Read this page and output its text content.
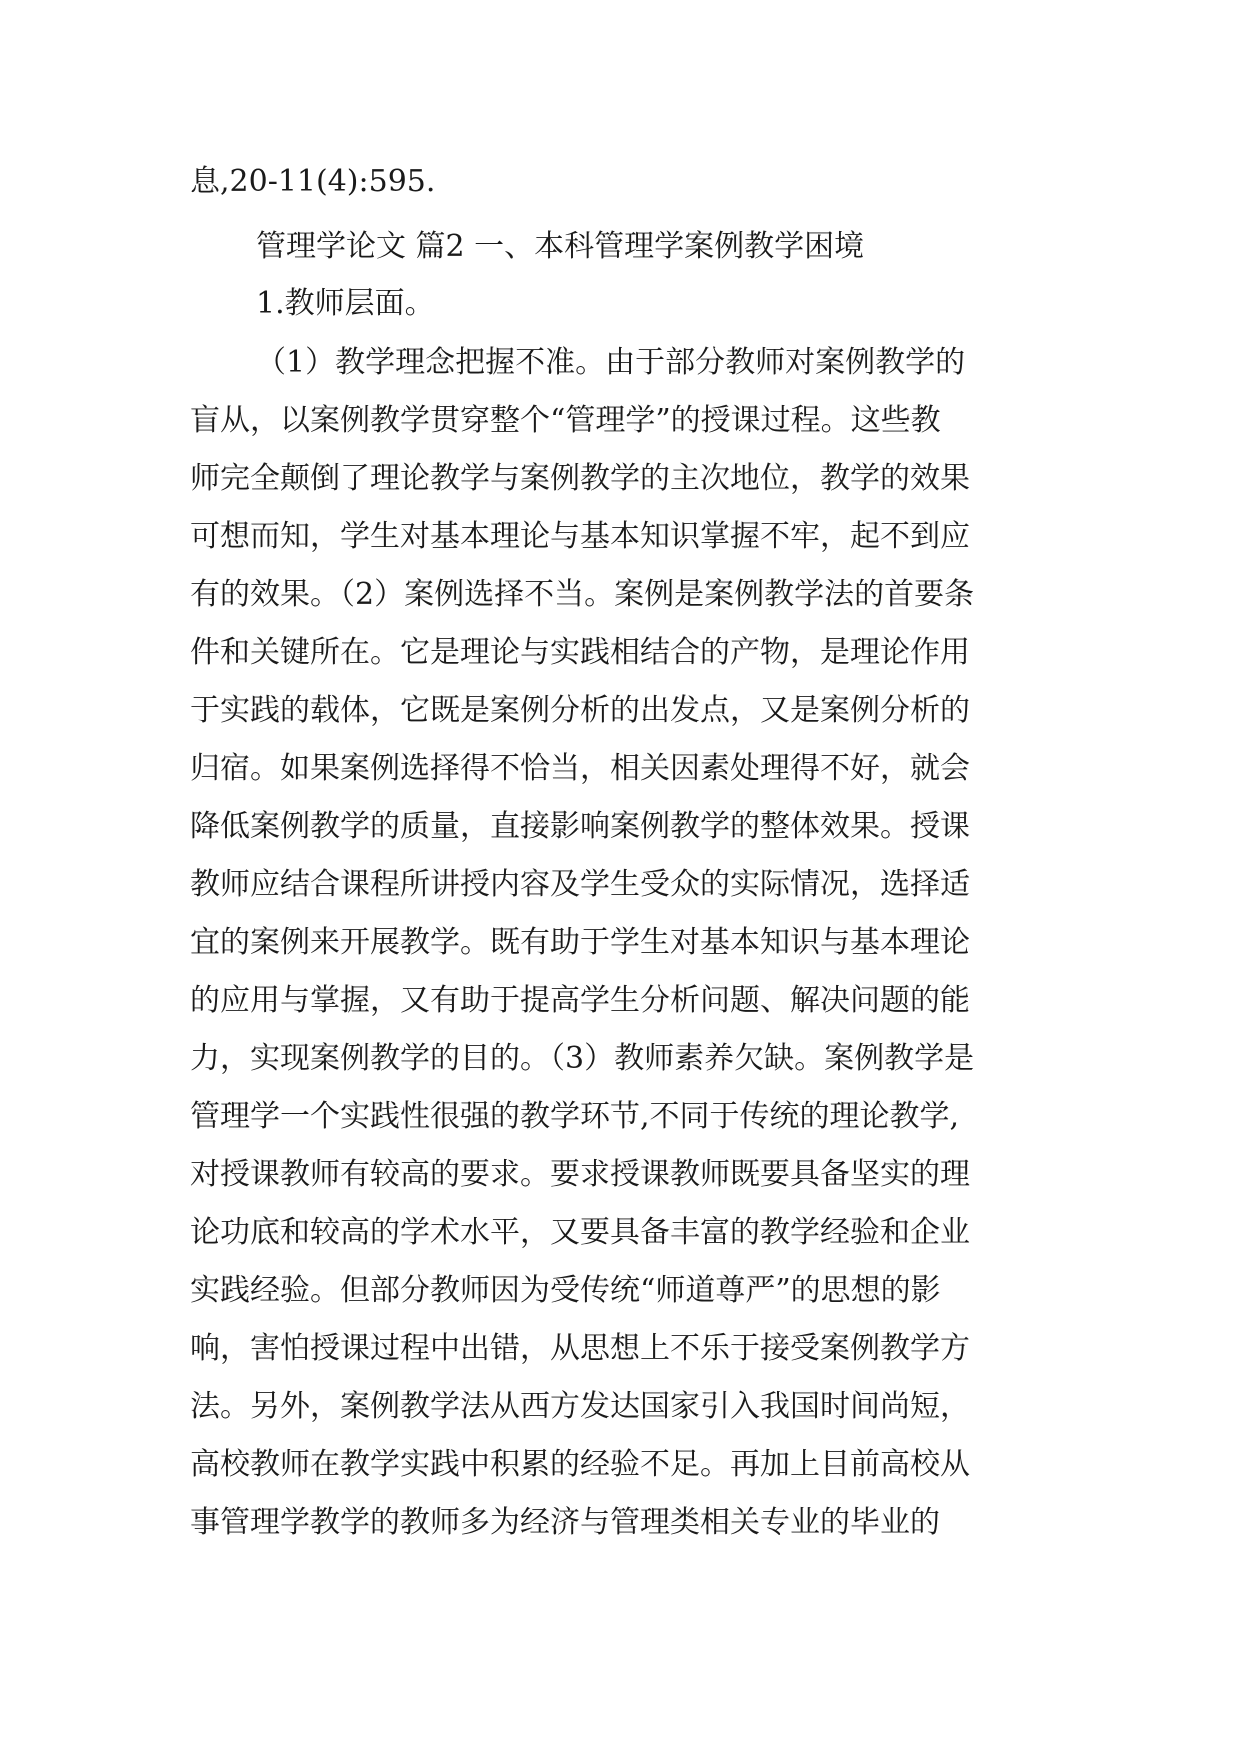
息,20-11(4):595.
管理学论文 篇2 一、本科管理学案例教学困境
1.教师层面。
（1）教学理念把握不准。由于部分教师对案例教学的
盲从，以案例教学贯穿整个“管理学”的授课过程。这些教
师完全颠倒了理论教学与案例教学的主次地位，教学的效果
可想而知，学生对基本理论与基本知识掌握不牢，起不到应
有的效果。（2）案例选择不当。案例是案例教学法的首要条
件和关键所在。它是理论与实践相结合的产物，是理论作用
于实践的载体，它既是案例分析的出发点，又是案例分析的
归宿。如果案例选择得不恰当，相关因素处理得不好，就会
降低案例教学的质量，直接影响案例教学的整体效果。授课
教师应结合课程所讲授内容及学生受众的实际情况，选择适
宜的案例来开展教学。既有助于学生对基本知识与基本理论
的应用与掌握，又有助于提高学生分析问题、解决问题的能
力，实现案例教学的目的。（3）教师素养欠缺。案例教学是
管理学一个实践性很强的教学环节,不同于传统的理论教学,
对授课教师有较高的要求。要求授课教师既要具备坚实的理
论功底和较高的学术水平，又要具备丰富的教学经验和企业
实践经验。但部分教师因为受传统“师道尊严”的思想的影
响，害怕授课过程中出错，从思想上不乐于接受案例教学方
法。另外，案例教学法从西方发达国家引入我国时间尚短，
高校教师在教学实践中积累的经验不足。再加上目前高校从
事管理学教学的教师多为经济与管理类相关专业的毕业的
